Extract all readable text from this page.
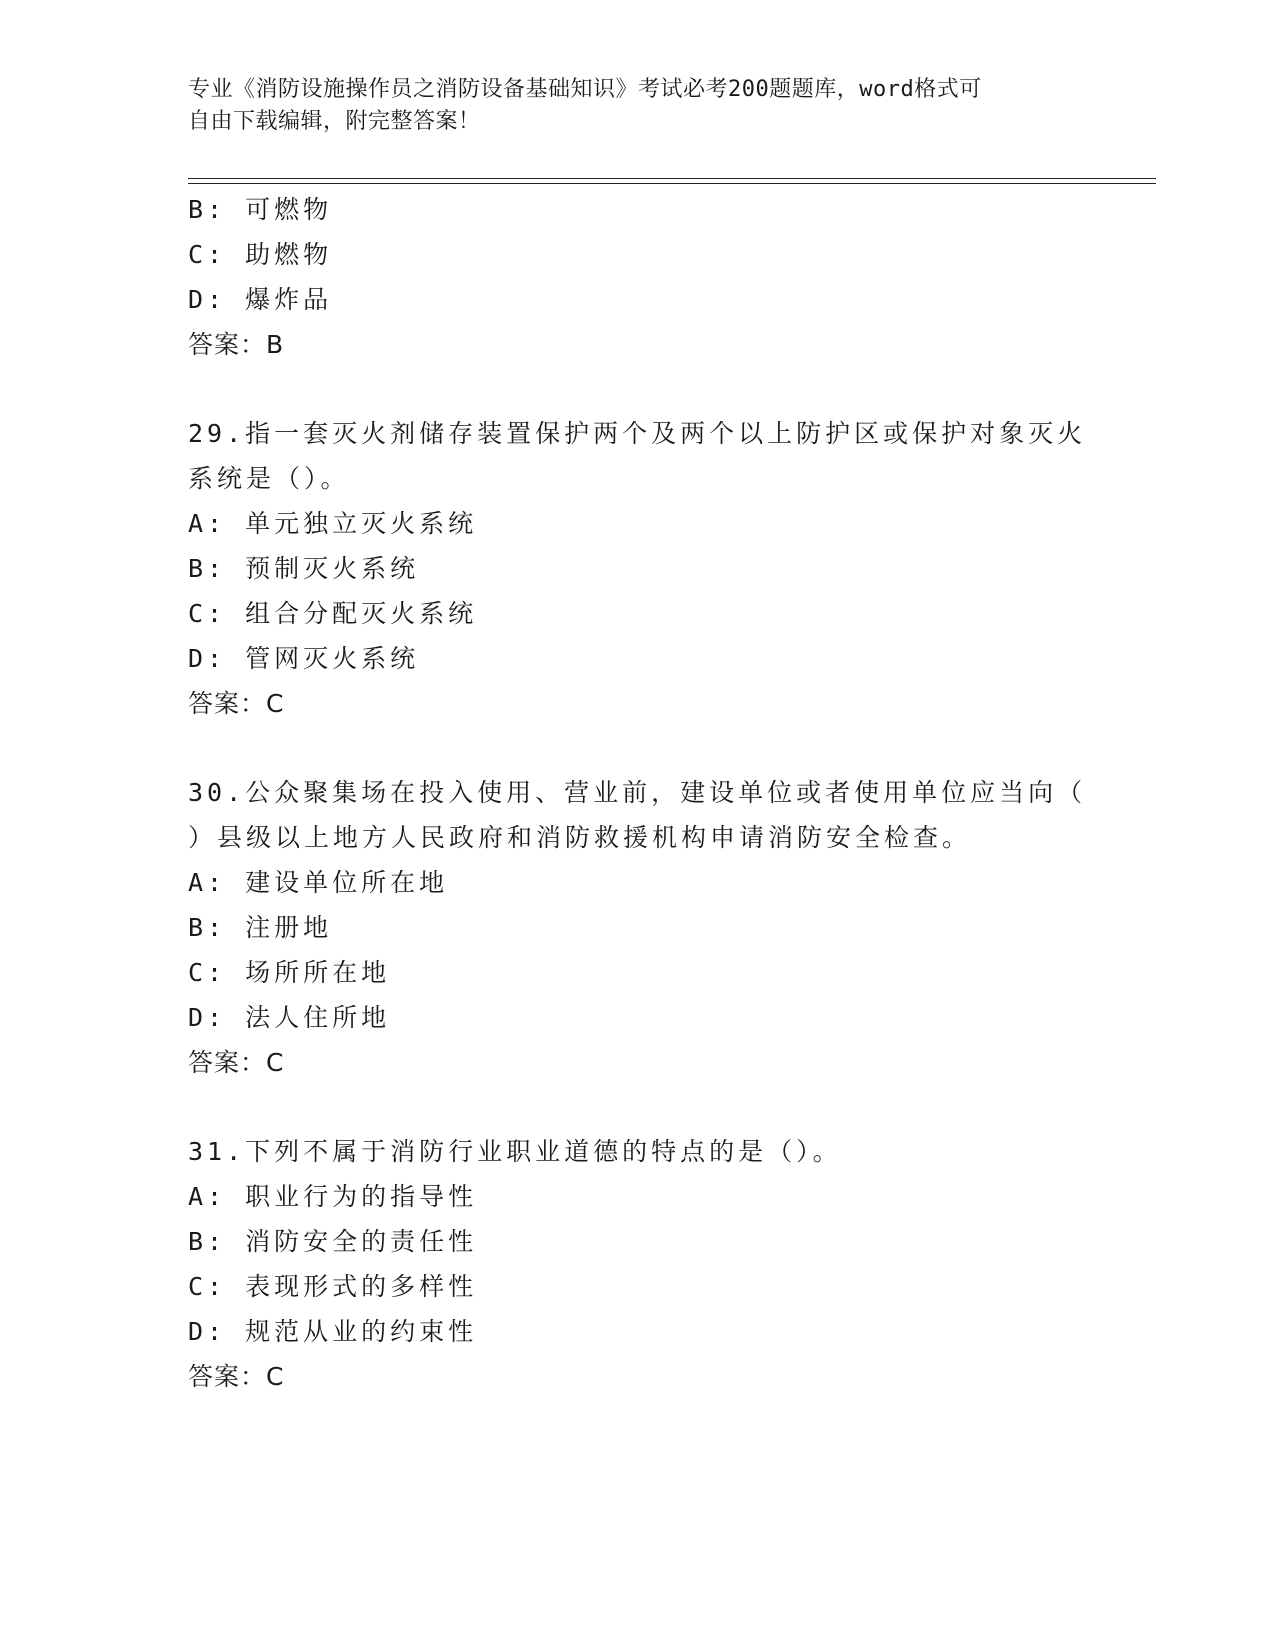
专业《消防设施操作员之消防设备基础知识》考试必考200题题库，word格式可
自由下载编辑，附完整答案！
B: 可燃物
C: 助燃物
D: 爆炸品
答案：B
29.指一套灭火剂储存装置保护两个及两个以上防护区或保护对象灭火
系统是（）。
A: 单元独立灭火系统
B: 预制灭火系统
C: 组合分配灭火系统
D: 管网灭火系统
答案：C
30.公众聚集场在投入使用、营业前，建设单位或者使用单位应当向（
）县级以上地方人民政府和消防救援机构申请消防安全检查。
A: 建设单位所在地
B: 注册地
C: 场所所在地
D: 法人住所地
答案：C
31.下列不属于消防行业职业道德的特点的是（）。
A: 职业行为的指导性
B: 消防安全的责任性
C: 表现形式的多样性
D: 规范从业的约束性
答案：C
